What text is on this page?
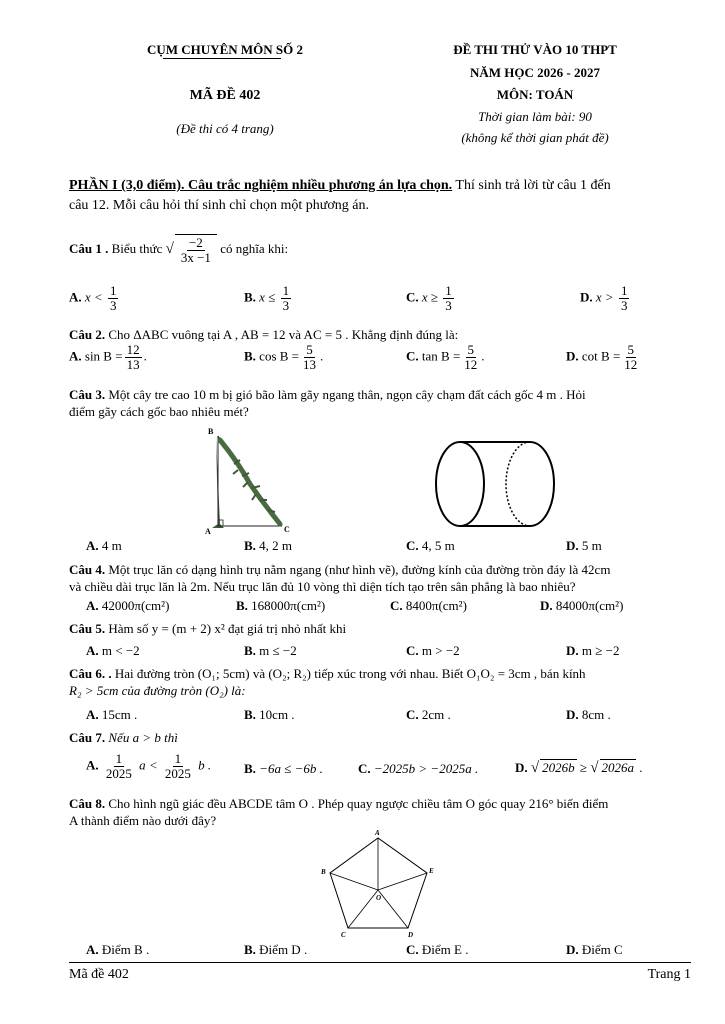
CỤM CHUYÊN MÔN SỐ 2
MÃ ĐỀ 402
(Đề thi có 4 trang)
ĐỀ THI THỬ VÀO 10 THPT
NĂM HỌC 2026 - 2027
MÔN: TOÁN
Thời gian làm bài: 90
(không kể thời gian phát đề)
PHẦN I (3,0 điểm). Câu trắc nghiệm nhiều phương án lựa chọn. Thí sinh trả lời từ câu 1 đến
câu 12. Mỗi câu hỏi thí sinh chỉ chọn một phương án.
Câu 1 . Biểu thức √ $\frac{-2}{3x -1}$ có nghĩa khi:
A. $x < \frac{1}{3}$	B. $x \le \frac{1}{3}$	C. $x \ge \frac{1}{3}$	D. $x > \frac{1}{3}$
Câu 2. Cho ΔABC vuông tại A , AB = 12 và AC = 5 . Khẳng định đúng là:
A. $\sin B = \frac{12}{13}$ .	B. $\cos B = \frac{5}{13}$ .	C. $\tan B = \frac{5}{12}$ .	D. $\cot B = \frac{5}{12}$
Câu 3. Một cây tre cao 10 m bị gió bão làm gãy ngang thân, ngọn cây chạm đất cách gốc 4 m . Hỏi
điểm gãy cách gốc bao nhiêu mét?
B
A	C
A. 4 m	B. 4, 2 m	C. 4, 5 m	D. 5 m
Câu 4. Một trục lăn có dạng hình trụ nằm ngang (như hình vẽ), đường kính của đường tròn đáy là 42cm
và chiều dài trục lăn là 2m. Nếu trục lăn đủ 10 vòng thì diện tích tạo trên sân phẳng là bao nhiêu?
A. 42000π(cm²)	B. 168000π(cm²)	C. 8400π(cm²)	D. 84000π(cm²)
Câu 5. Hàm số y = (m + 2) x² đạt giá trị nhỏ nhất khi
A. m < −2	B. m ≤ −2	C. m > −2	D. m ≥ −2
Câu 6. . Hai đường tròn (O₁; 5cm) và (O₂; R₂) tiếp xúc trong với nhau. Biết O₁O₂ = 3cm , bán kính
R₂ > 5cm của đường tròn (O₂) là:
A. 15cm .	B. 10cm .	C. 2cm .	D. 8cm .
Câu 7. Nếu a > b thì
A. $\frac{1}{2025}$ $a < \frac{1}{2025}$ b .	B. −6a ≤ −6b .	C. −2025b > −2025a .	D. √ 2026b ≥ √ 2026a .
Câu 8. Cho hình ngũ giác đều ABCDE tâm O . Phép quay ngược chiều tâm O góc quay 216° biến điểm
A thành điểm nào dưới đây?
A
B
C	D
E
O
A. Điểm B .	B. Điểm D .	C. Điểm E .	D. Điểm C
Mã đề 402	Trang 1
